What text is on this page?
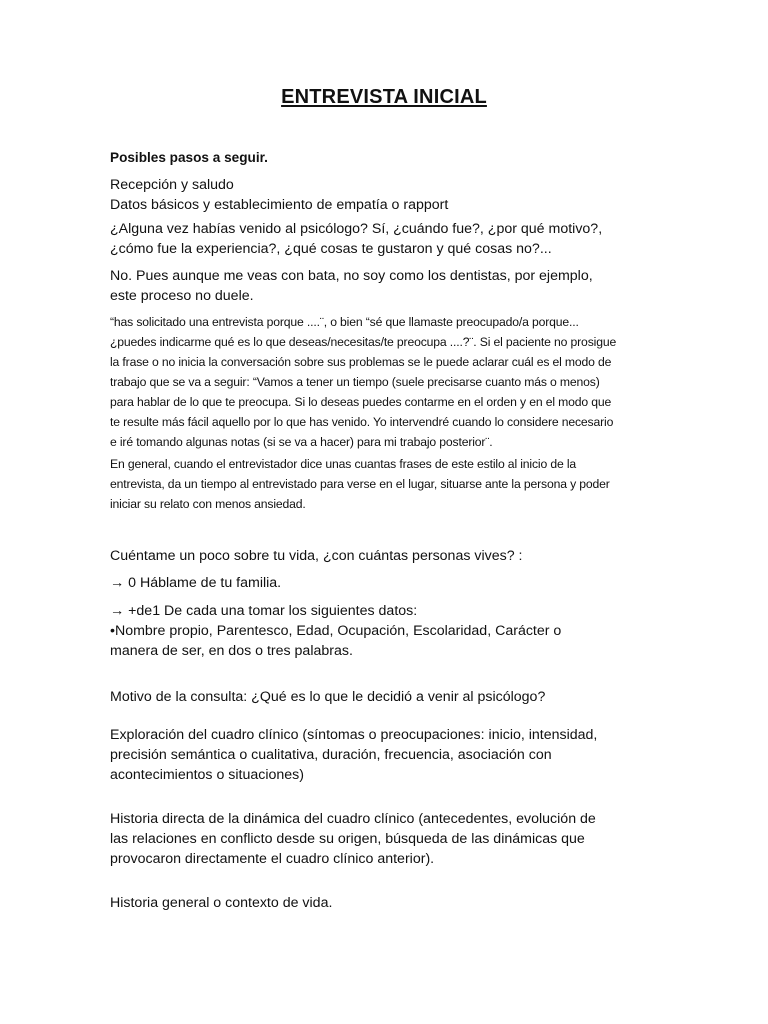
ENTREVISTA INICIAL

Posibles pasos a seguir.

Recepción y saludo
Datos básicos y establecimiento de empatía o rapport

¿Alguna vez habías venido al psicólogo? Sí, ¿cuándo fue?, ¿por qué motivo?,
¿cómo fue la experiencia?, ¿qué cosas te gustaron y qué cosas no?...

No. Pues aunque me veas con bata, no soy como los dentistas, por ejemplo,
este proceso no duele.

“has solicitado una entrevista porque ....¨, o bien “sé que llamaste preocupado/a porque...
¿puedes indicarme qué es lo que deseas/necesitas/te preocupa ....?¨. Si el paciente no prosigue
la frase o no inicia la conversación sobre sus problemas se le puede aclarar cuál es el modo de
trabajo que se va a seguir: “Vamos a tener un tiempo (suele precisarse cuanto más o menos)
para hablar de lo que te preocupa. Si lo deseas puedes contarme en el orden y en el modo que
te resulte más fácil aquello por lo que has venido. Yo intervendré cuando lo considere necesario
e iré tomando algunas notas (si se va a hacer) para mi trabajo posterior¨.

En general, cuando el entrevistador dice unas cuantas frases de este estilo al inicio de la
entrevista, da un tiempo al entrevistado para verse en el lugar, situarse ante la persona y poder
iniciar su relato con menos ansiedad.

Cuéntame un poco sobre tu vida, ¿con cuántas personas vives? :

→ 0 Háblame de tu familia.

→ +de1 De cada una tomar los siguientes datos:
•Nombre propio, Parentesco, Edad, Ocupación, Escolaridad, Carácter o
manera de ser, en dos o tres palabras.

Motivo de la consulta: ¿Qué es lo que le decidió a venir al psicólogo?

Exploración del cuadro clínico (síntomas o preocupaciones: inicio, intensidad,
precisión semántica o cualitativa, duración, frecuencia, asociación con
acontecimientos o situaciones)

Historia directa de la dinámica del cuadro clínico (antecedentes, evolución de
las relaciones en conflicto desde su origen, búsqueda de las dinámicas que
provocaron directamente el cuadro clínico anterior).

Historia general o contexto de vida.
